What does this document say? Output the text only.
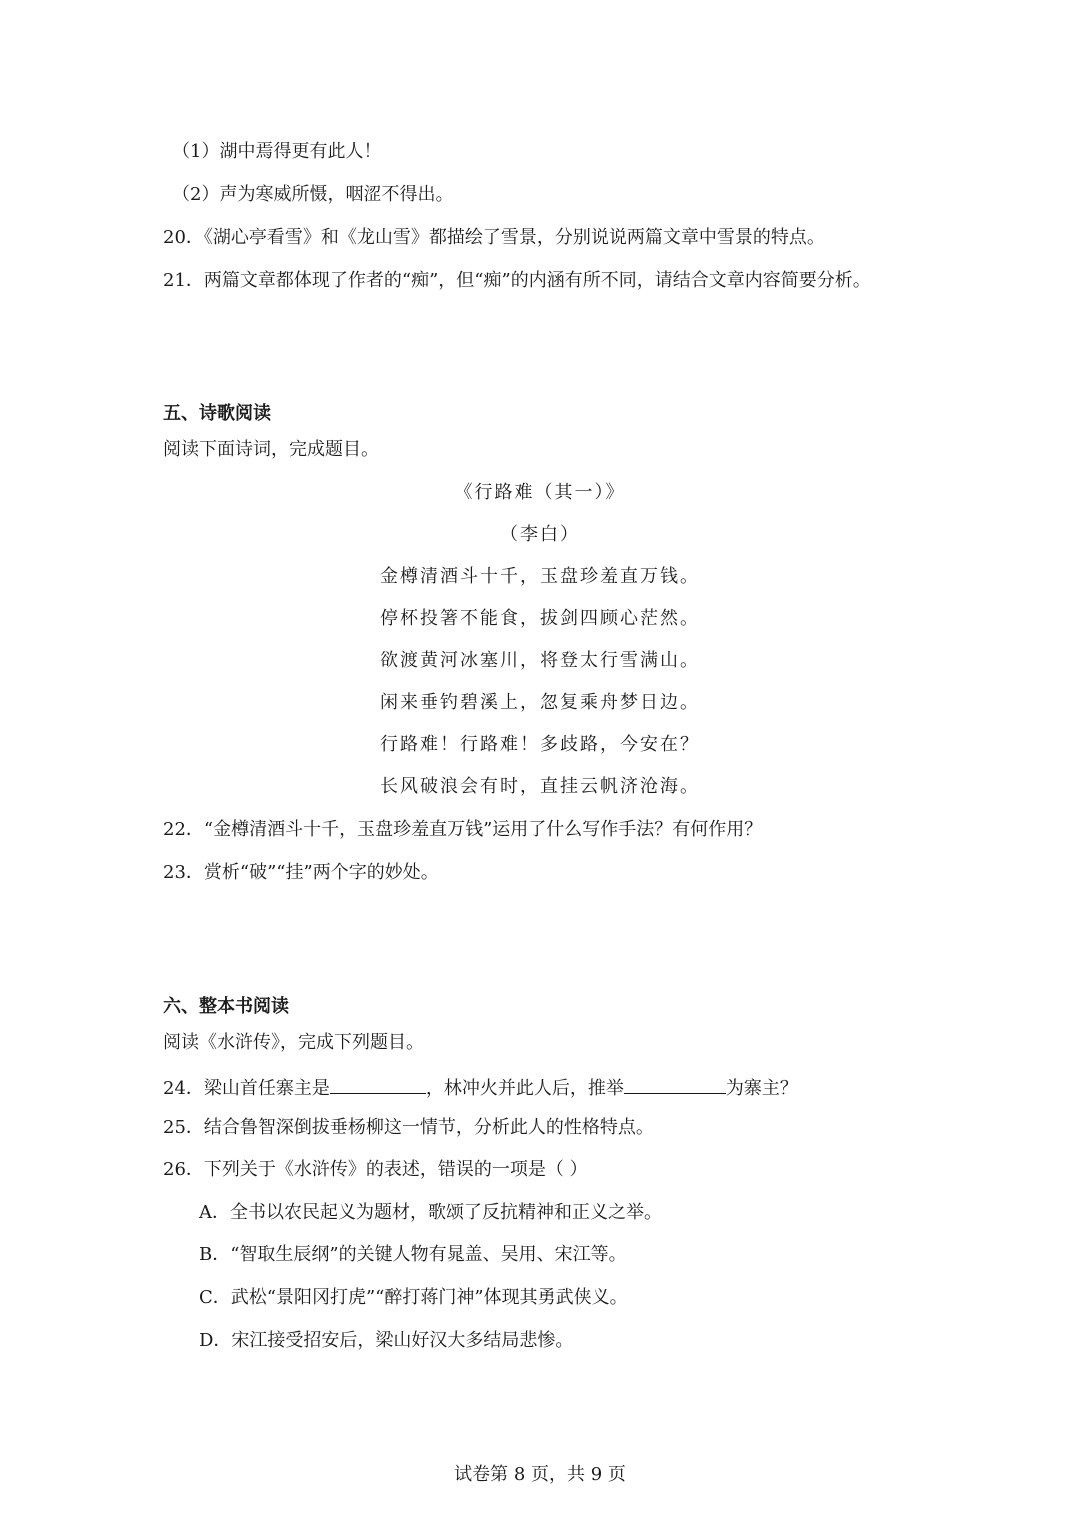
（1）湖中焉得更有此人！
（2）声为寒威所慑，咽涩不得出。
20．《湖心亭看雪》和《龙山雪》都描绘了雪景，分别说说两篇文章中雪景的特点。
21．两篇文章都体现了作者的“痴”，但“痴”的内涵有所不同，请结合文章内容简要分析。
五、诗歌阅读
阅读下面诗词，完成题目。
《行路难（其一）》
（李白）
金樽清酒斗十千，玉盘珍羞直万钱。
停杯投箸不能食，拔剑四顾心茫然。
欲渡黄河冰塞川，将登太行雪满山。
闲来垂钓碧溪上，忽复乘舟梦日边。
行路难！行路难！多歧路，今安在？
长风破浪会有时，直挂云帆济沧海。
22．“金樽清酒斗十千，玉盘珍羞直万钱”运用了什么写作手法？有何作用？
23．赏析“破”“挂”两个字的妙处。
六、整本书阅读
阅读《水浒传》，完成下列题目。
24．梁山首任寨主是	，林冲火并此人后，推举	为寨主？
25．结合鲁智深倒拔垂杨柳这一情节，分析此人的性格特点。
26．下列关于《水浒传》的表述，错误的一项是（ ）
A．全书以农民起义为题材，歌颂了反抗精神和正义之举。
B．“智取生辰纲”的关键人物有晁盖、吴用、宋江等。
C．武松“景阳冈打虎”“醉打蒋门神”体现其勇武侠义。
D．宋江接受招安后，梁山好汉大多结局悲惨。
试卷第 8 页，共 9 页
